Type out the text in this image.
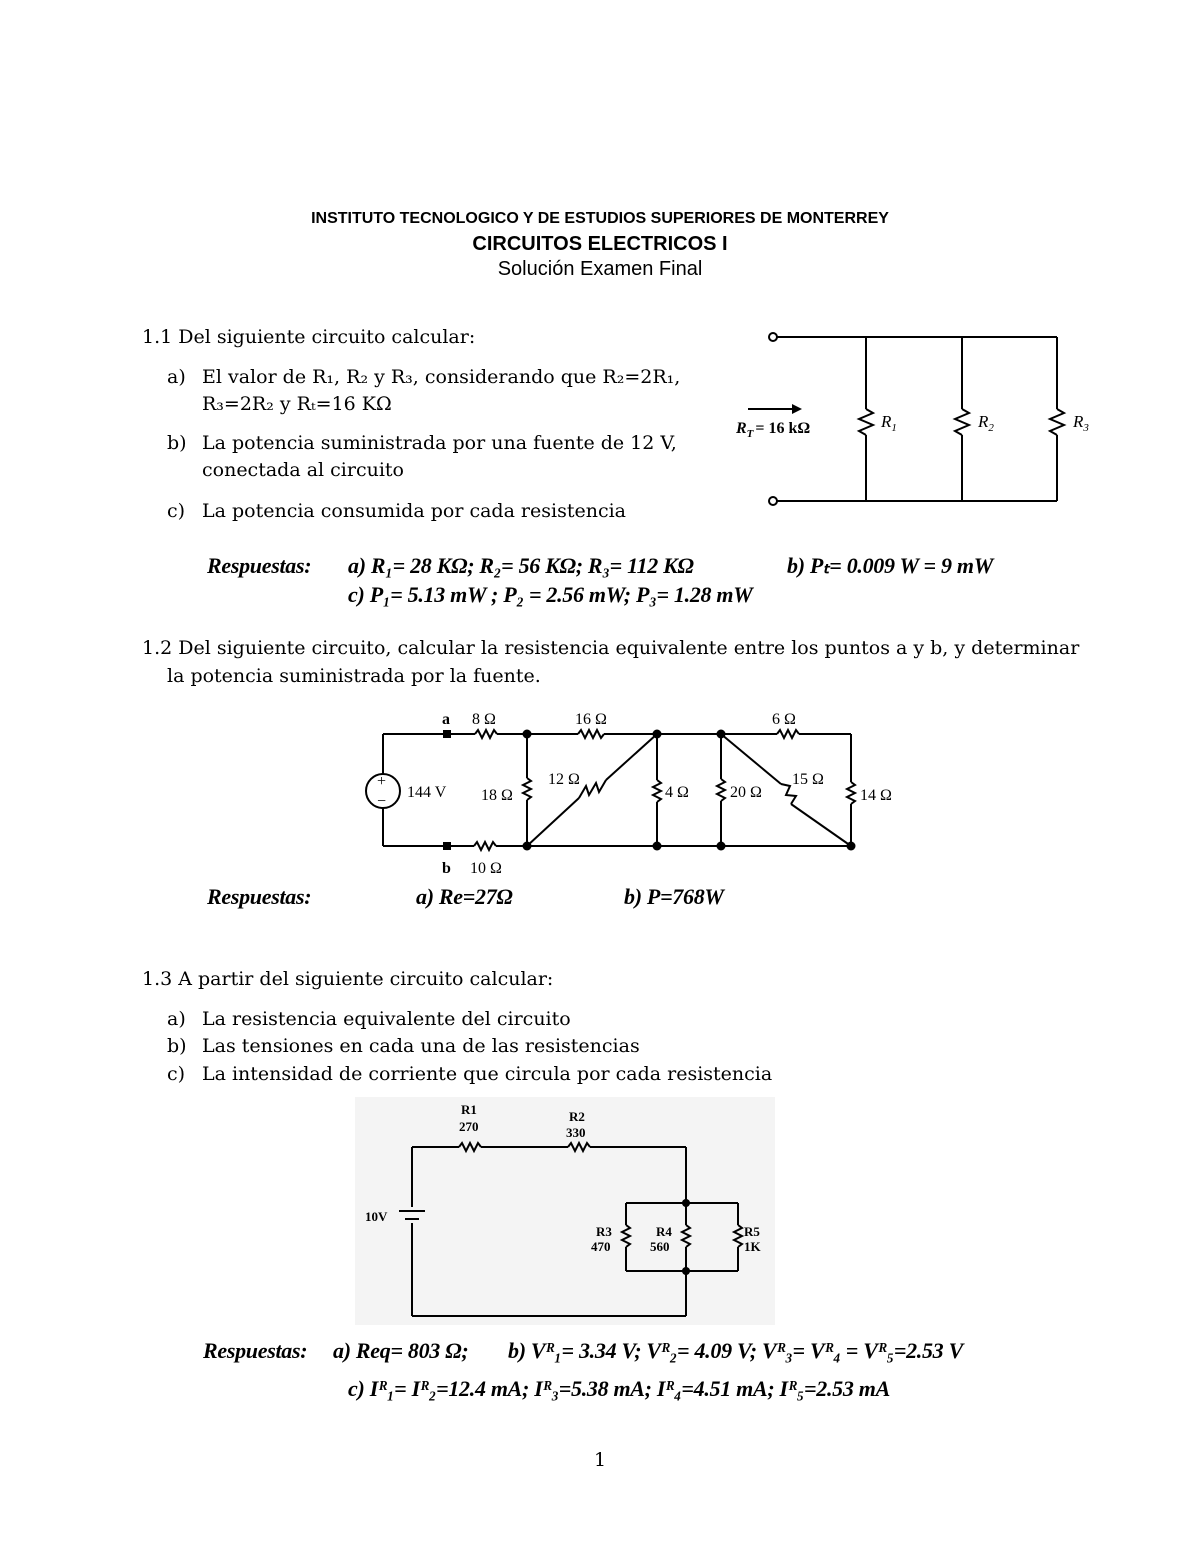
INSTITUTO TECNOLOGICO Y DE ESTUDIOS SUPERIORES DE MONTERREY
CIRCUITOS ELECTRICOS I
Solución Examen Final
1.1 Del siguiente circuito calcular:
a) El valor de R₁, R₂ y R₃, considerando que R₂=2R₁,
R₃=2R₂ y Rₜ=16 KΩ
b) La potencia suministrada por una fuente de 12 V,
conectada al circuito
c) La potencia consumida por cada resistencia
$R_T = 16$ kΩ	$R_1$	$R_2$	$R_3$
Respuestas: a) R₁= 28 KΩ; R₂= 56 KΩ; R₃= 112 KΩ	b) Pₜ= 0.009 W = 9 mW
c) P₁= 5.13 mW ; P₂ = 2.56 mW; P₃= 1.28 mW
1.2 Del siguiente circuito, calcular la resistencia equivalente entre los puntos a y b, y determinar
la potencia suministrada por la fuente.
+
−
144 V
a 8 Ω	16 Ω	6 Ω
18 Ω
12 Ω
4 Ω	20 Ω
15 Ω
14 Ω
b 10 Ω
Respuestas:	a) Re=27Ω	b) P=768W
1.3 A partir del siguiente circuito calcular:
a) La resistencia equivalente del circuito
b) Las tensiones en cada una de las resistencias
c) La intensidad de corriente que circula por cada resistencia
R1
270
R2
330
10V
R3
470
R4
560
R5
1K
Respuestas: a) Req= 803 Ω; b) Vᴿ₁= 3.34 V; Vᴿ₂= 4.09 V; Vᴿ₃= Vᴿ₄ = Vᴿ₅=2.53 V
c) Iᴿ₁= Iᴿ₂=12.4 mA; Iᴿ₃=5.38 mA; Iᴿ₄=4.51 mA; Iᴿ₅=2.53 mA
1
